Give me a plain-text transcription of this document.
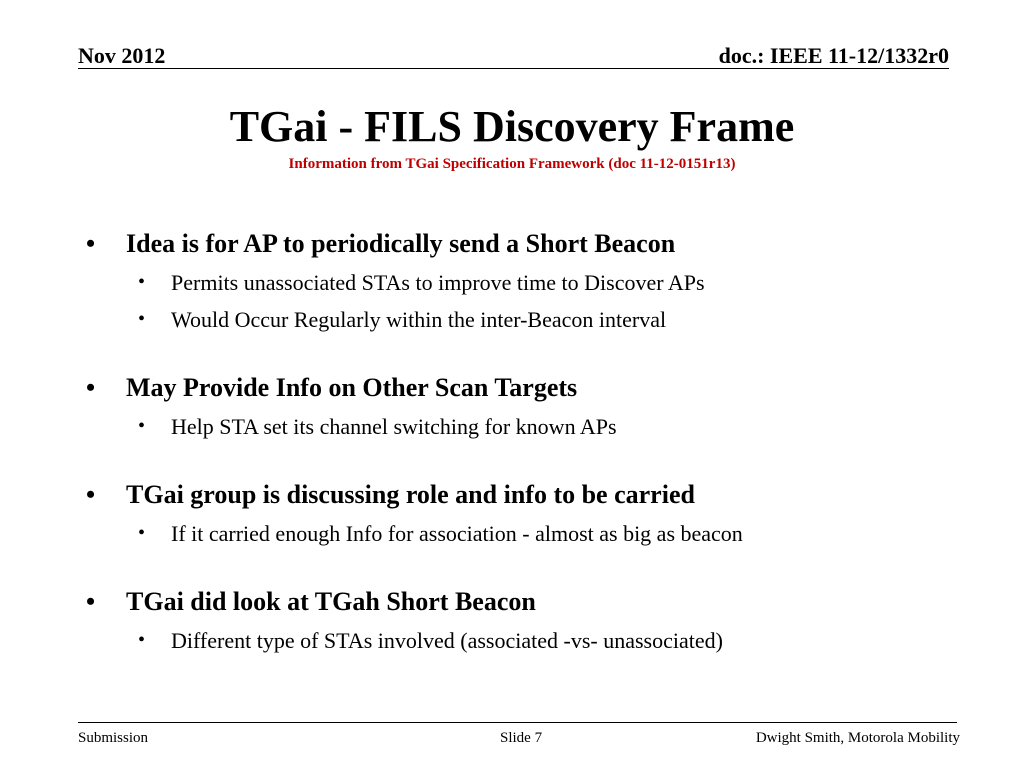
Nov 2012	doc.: IEEE 11-12/1332r0
TGai - FILS Discovery Frame
Information from TGai Specification Framework (doc 11-12-0151r13)
• Idea is for AP to periodically send a Short Beacon
• Permits unassociated STAs to improve time to Discover APs
• Would Occur Regularly within the inter-Beacon interval
• May Provide Info on Other Scan Targets
• Help STA set its channel switching for known APs
• TGai group is discussing role and info to be carried
• If it carried enough Info for association - almost as big as beacon
• TGai did look at TGah Short Beacon
• Different type of STAs involved (associated -vs- unassociated)
Submission	Slide 7	Dwight Smith, Motorola Mobility
